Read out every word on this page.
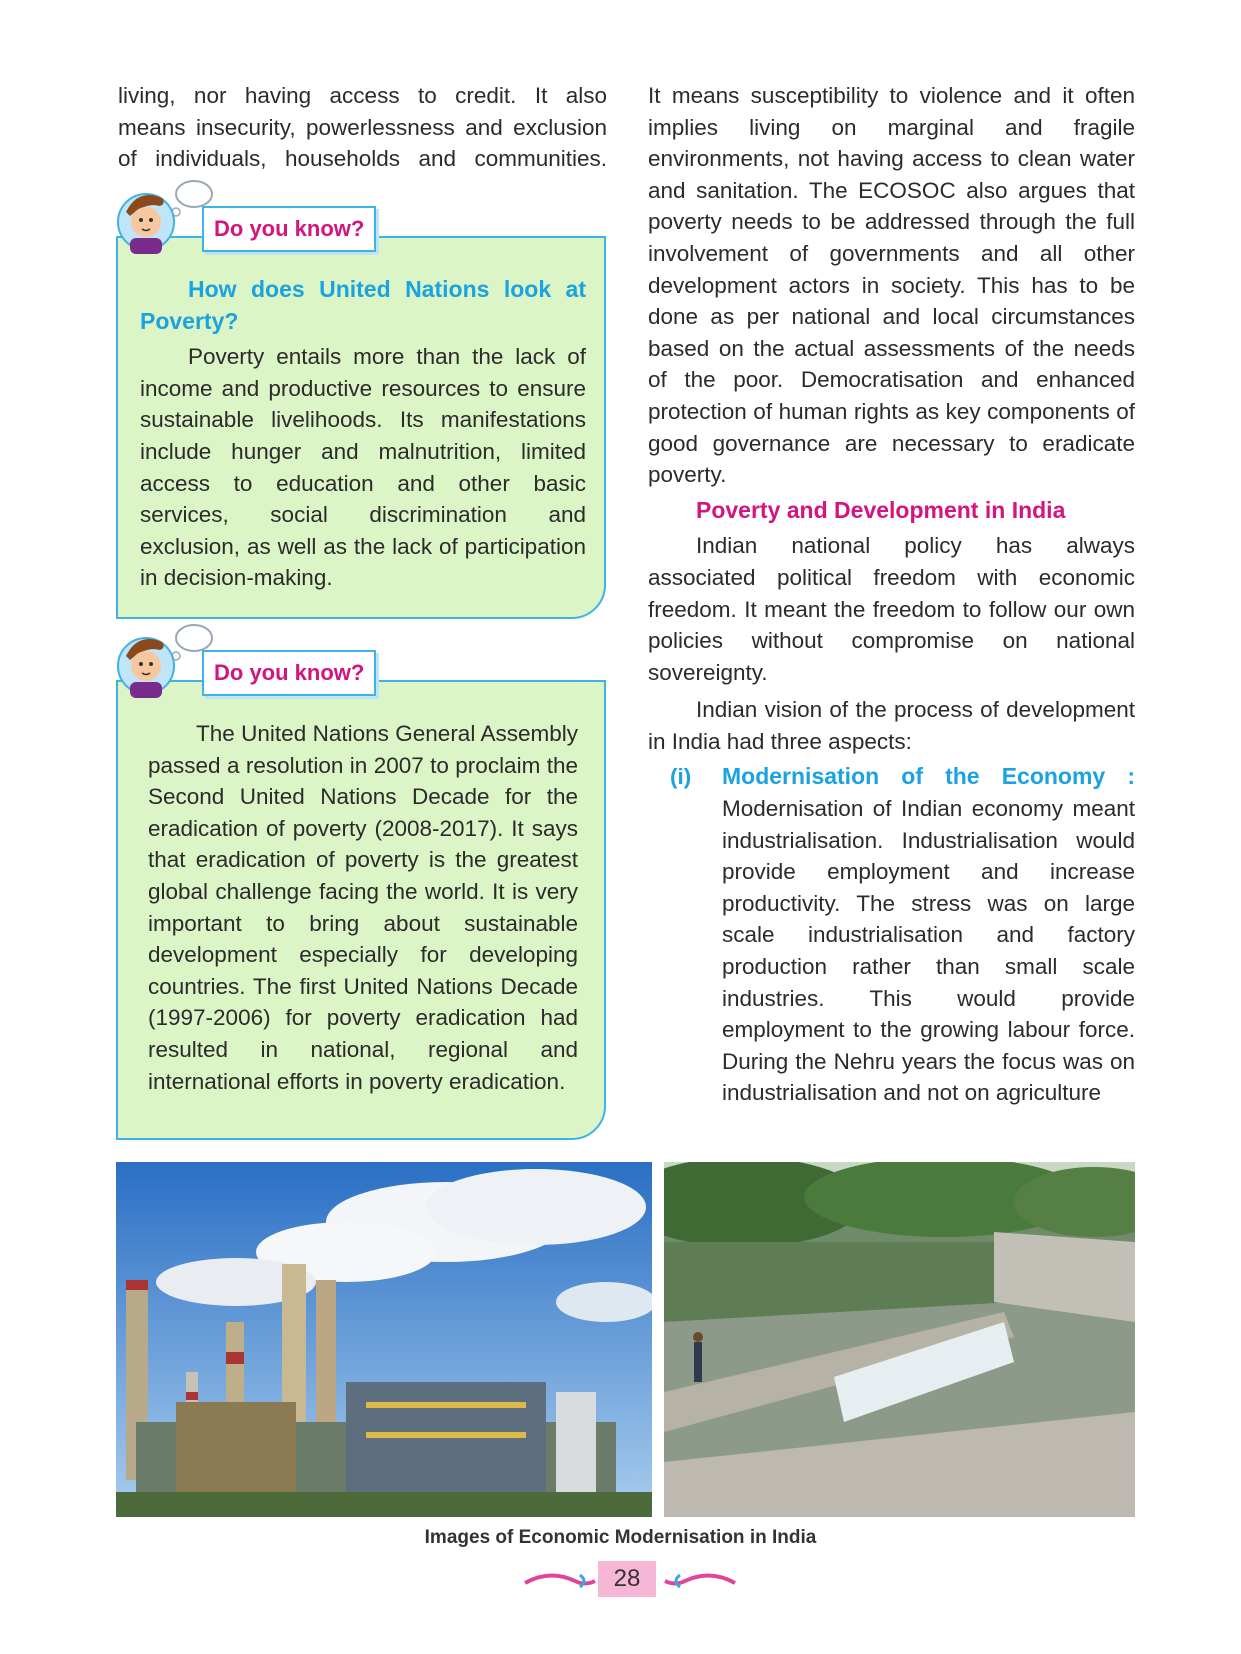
living, nor having access to credit. It also
means insecurity, powerlessness and exclusion
of individuals, households and communities.
Do you know?

How does United Nations look at Poverty?

Poverty entails more than the lack of income and productive resources to ensure sustainable livelihoods. Its manifestations include hunger and malnutrition, limited access to education and other basic services, social discrimination and exclusion, as well as the lack of participation in decision-making.

Do you know?

The United Nations General Assembly passed a resolution in 2007 to proclaim the Second United Nations Decade for the eradication of poverty (2008-2017). It says that eradication of poverty is the greatest global challenge facing the world. It is very important to bring about sustainable development especially for developing countries. The first United Nations Decade (1997-2006) for poverty eradication had resulted in national, regional and international efforts in poverty eradication.

It means susceptibility to violence and it often implies living on marginal and fragile environments, not having access to clean water and sanitation. The ECOSOC also argues that poverty needs to be addressed through the full involvement of governments and all other development actors in society. This has to be done as per national and local circumstances based on the actual assessments of the needs of the poor. Democratisation and enhanced protection of human rights as key components of good governance are necessary to eradicate poverty.

Poverty and Development in India

Indian national policy has always associated political freedom with economic freedom. It meant the freedom to follow our own policies without compromise on national sovereignty.

Indian vision of the process of development in India had three aspects:

(i) Modernisation of the Economy :

Modernisation of Indian economy meant industrialisation. Industrialisation would provide employment and increase productivity. The stress was on large scale industrialisation and factory production rather than small scale industries. This would provide employment to the growing labour force. During the Nehru years the focus was on industrialisation and not on agriculture

Images of Economic Modernisation in India
28
